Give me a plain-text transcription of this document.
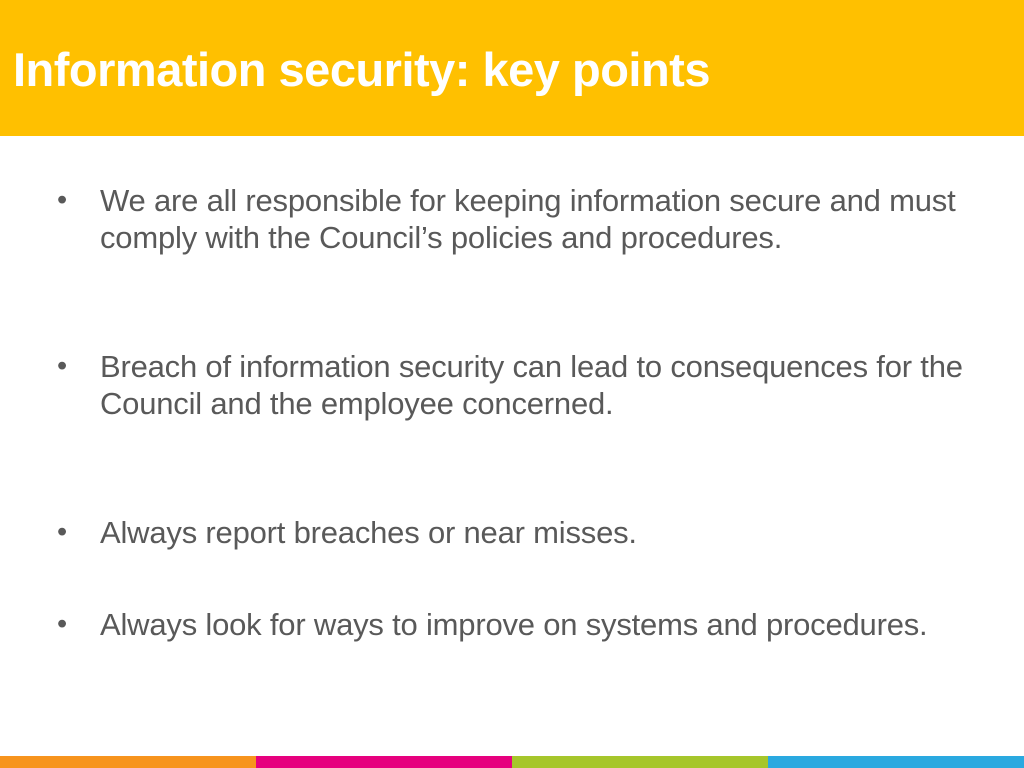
Information security: key points
• We are all responsible for keeping information secure and must comply with the Council’s policies and procedures.
• Breach of information security can lead to consequences for the Council and the employee concerned.
• Always report breaches or near misses.
• Always look for ways to improve on systems and procedures.
